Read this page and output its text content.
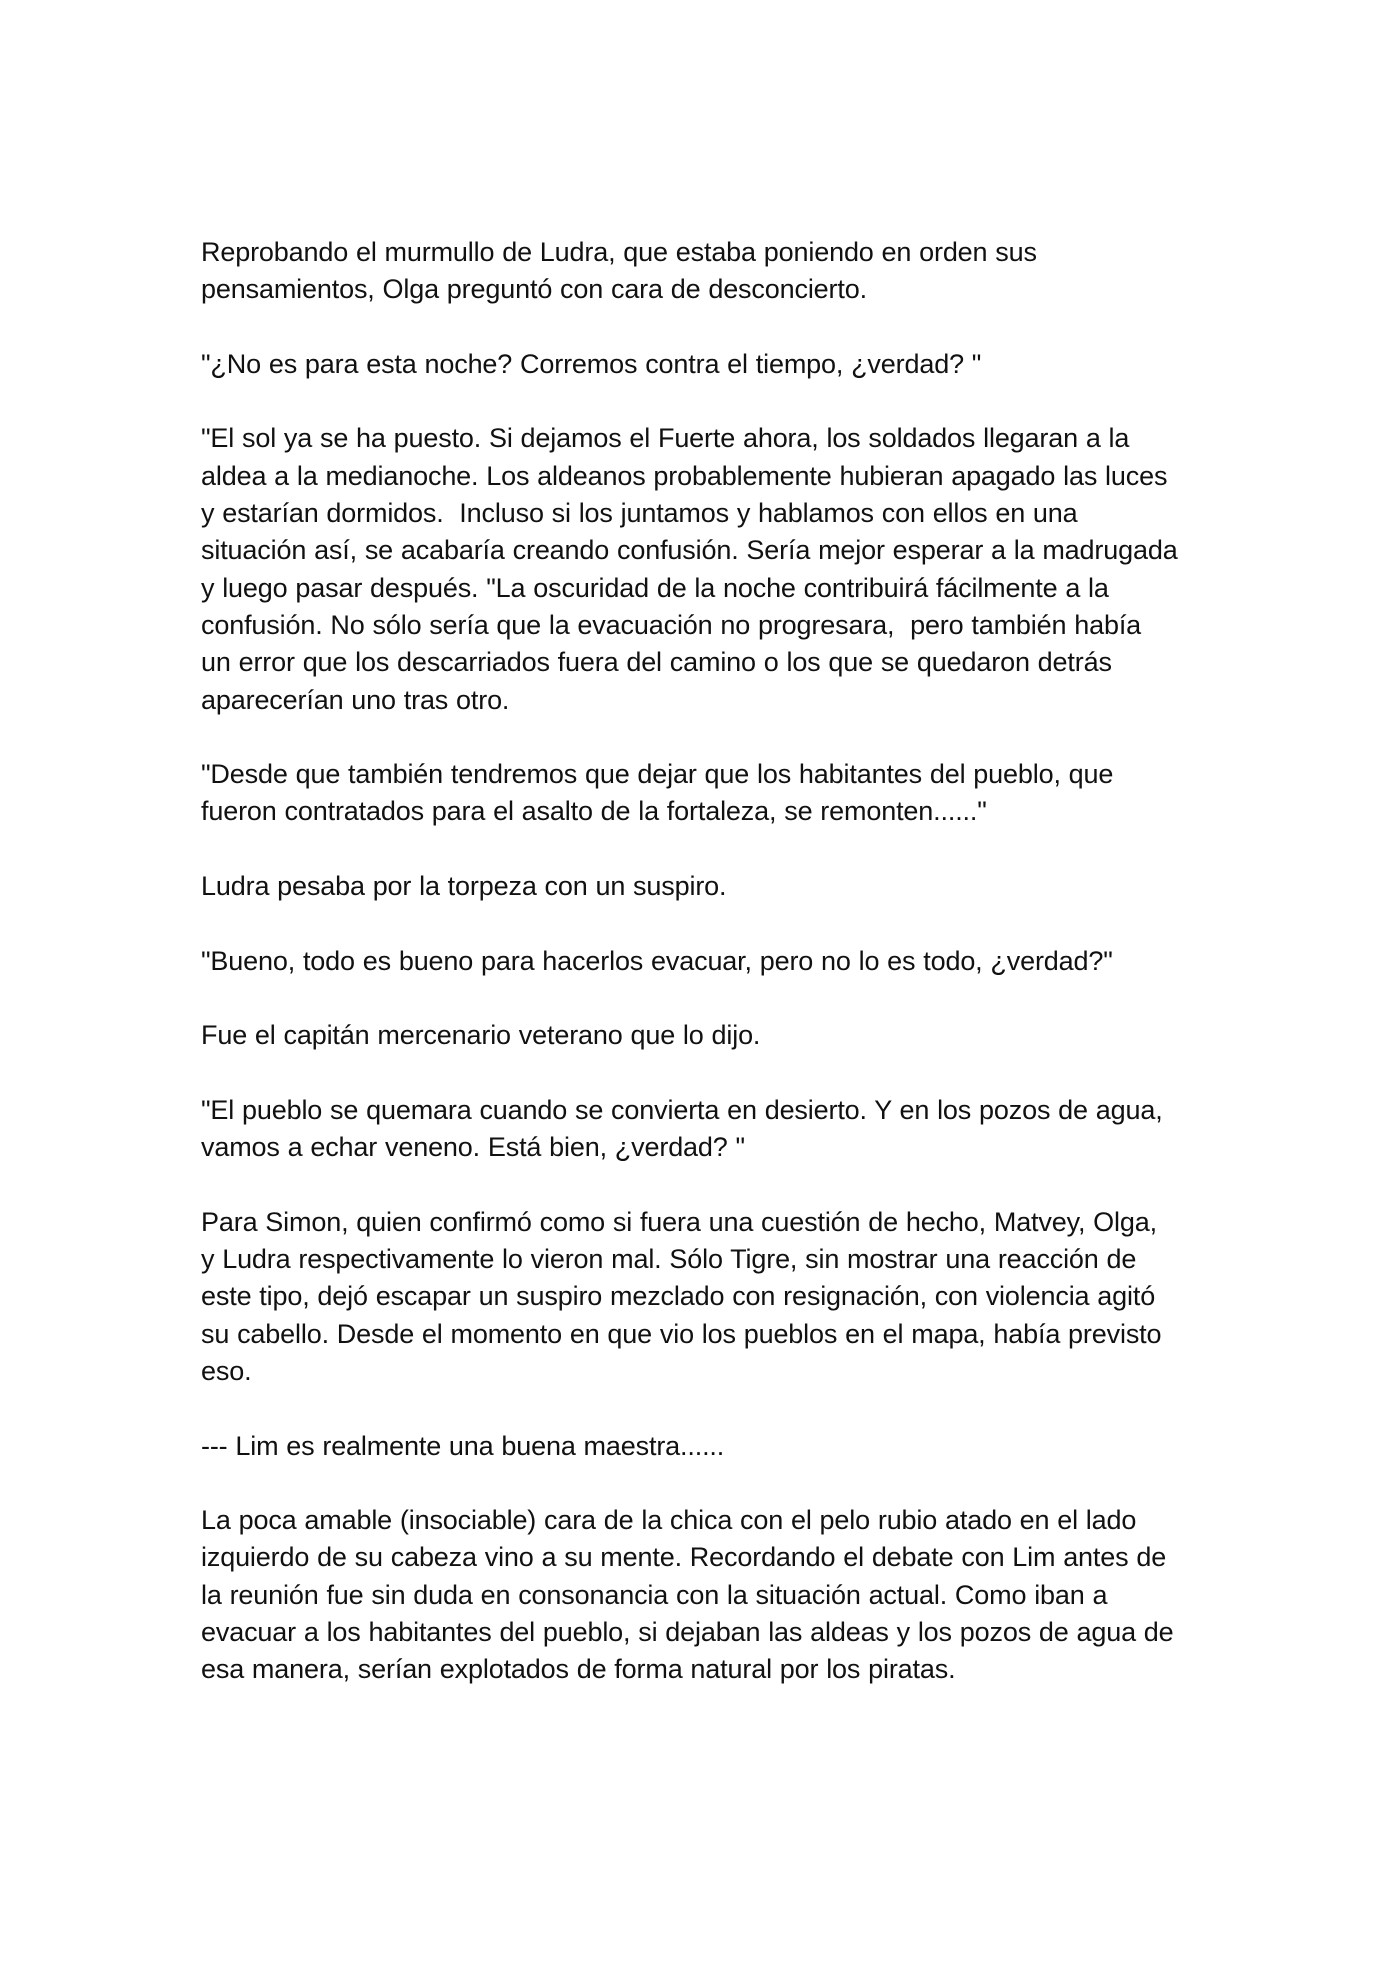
Reprobando el murmullo de Ludra, que estaba poniendo en orden sus
pensamientos, Olga preguntó con cara de desconcierto.

"¿No es para esta noche? Corremos contra el tiempo, ¿verdad? "

"El sol ya se ha puesto. Si dejamos el Fuerte ahora, los soldados llegaran a la
aldea a la medianoche. Los aldeanos probablemente hubieran apagado las luces
y estarían dormidos.  Incluso si los juntamos y hablamos con ellos en una
situación así, se acabaría creando confusión. Sería mejor esperar a la madrugada
y luego pasar después. "La oscuridad de la noche contribuirá fácilmente a la
confusión. No sólo sería que la evacuación no progresara,  pero también había
un error que los descarriados fuera del camino o los que se quedaron detrás
aparecerían uno tras otro.

"Desde que también tendremos que dejar que los habitantes del pueblo, que
fueron contratados para el asalto de la fortaleza, se remonten......"

Ludra pesaba por la torpeza con un suspiro.

"Bueno, todo es bueno para hacerlos evacuar, pero no lo es todo, ¿verdad?"

Fue el capitán mercenario veterano que lo dijo.

"El pueblo se quemara cuando se convierta en desierto. Y en los pozos de agua,
vamos a echar veneno. Está bien, ¿verdad? "

Para Simon, quien confirmó como si fuera una cuestión de hecho, Matvey, Olga,
y Ludra respectivamente lo vieron mal. Sólo Tigre, sin mostrar una reacción de
este tipo, dejó escapar un suspiro mezclado con resignación, con violencia agitó
su cabello. Desde el momento en que vio los pueblos en el mapa, había previsto
eso.

--- Lim es realmente una buena maestra......

La poca amable (insociable) cara de la chica con el pelo rubio atado en el lado
izquierdo de su cabeza vino a su mente. Recordando el debate con Lim antes de
la reunión fue sin duda en consonancia con la situación actual. Como iban a
evacuar a los habitantes del pueblo, si dejaban las aldeas y los pozos de agua de
esa manera, serían explotados de forma natural por los piratas.
